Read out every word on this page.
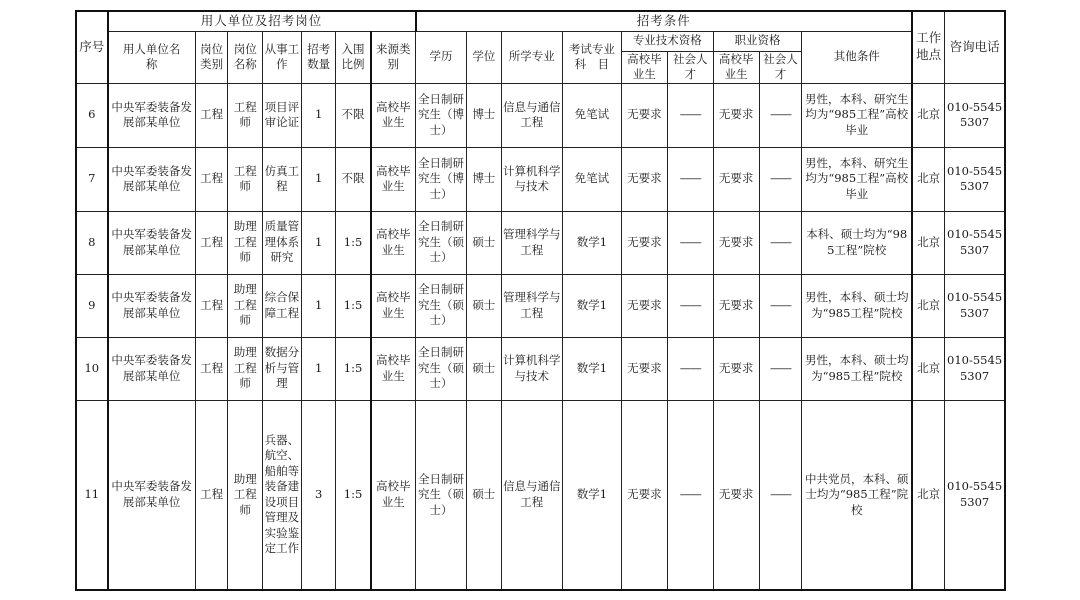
序号	用人单位及招考岗位							招考条件									工作地点	咨询电话
	用人单位名　　称	岗位类别	岗位名称	从事工作	招考数量	入围比例	来源类别	学历	学位	所学专业	考试专业科　目	专业技术资格		职业资格		其他条件		
												高校毕业生	社会人才	高校毕业生	社会人才			
6	中央军委装备发展部某单位	工程	工程师	项目评审论证	1	不限	高校毕业生	全日制研究生（博士）	博士	信息与通信工程	免笔试	无要求	——	无要求	——	男性，本科、研究生均为“985工程”高校毕业	北京	010-55455307
7	中央军委装备发展部某单位	工程	工程师	仿真工程	1	不限	高校毕业生	全日制研究生（博士）	博士	计算机科学与技术	免笔试	无要求	——	无要求	——	男性，本科、研究生均为“985工程”高校毕业	北京	010-55455307
8	中央军委装备发展部某单位	工程	助理工程师	质量管理体系研究	1	1:5	高校毕业生	全日制研究生（硕士）	硕士	管理科学与工程	数学1	无要求	——	无要求	——	本科、硕士均为“985工程”院校	北京	010-55455307
9	中央军委装备发展部某单位	工程	助理工程师	综合保障工程	1	1:5	高校毕业生	全日制研究生（硕士）	硕士	管理科学与工程	数学1	无要求	——	无要求	——	男性，本科、硕士均为“985工程”院校	北京	010-55455307
10	中央军委装备发展部某单位	工程	助理工程师	数据分析与管理	1	1:5	高校毕业生	全日制研究生（硕士）	硕士	计算机科学与技术	数学1	无要求	——	无要求	——	男性，本科、硕士均为“985工程”院校	北京	010-55455307
11	中央军委装备发展部某单位	工程	助理工程师	兵器、航空、船舶等装备建设项目管理及实验鉴定工作	3	1:5	高校毕业生	全日制研究生（硕士）	硕士	信息与通信工程	数学1	无要求	——	无要求	——	中共党员，本科、硕士均为“985工程”院校	北京	010-55455307
